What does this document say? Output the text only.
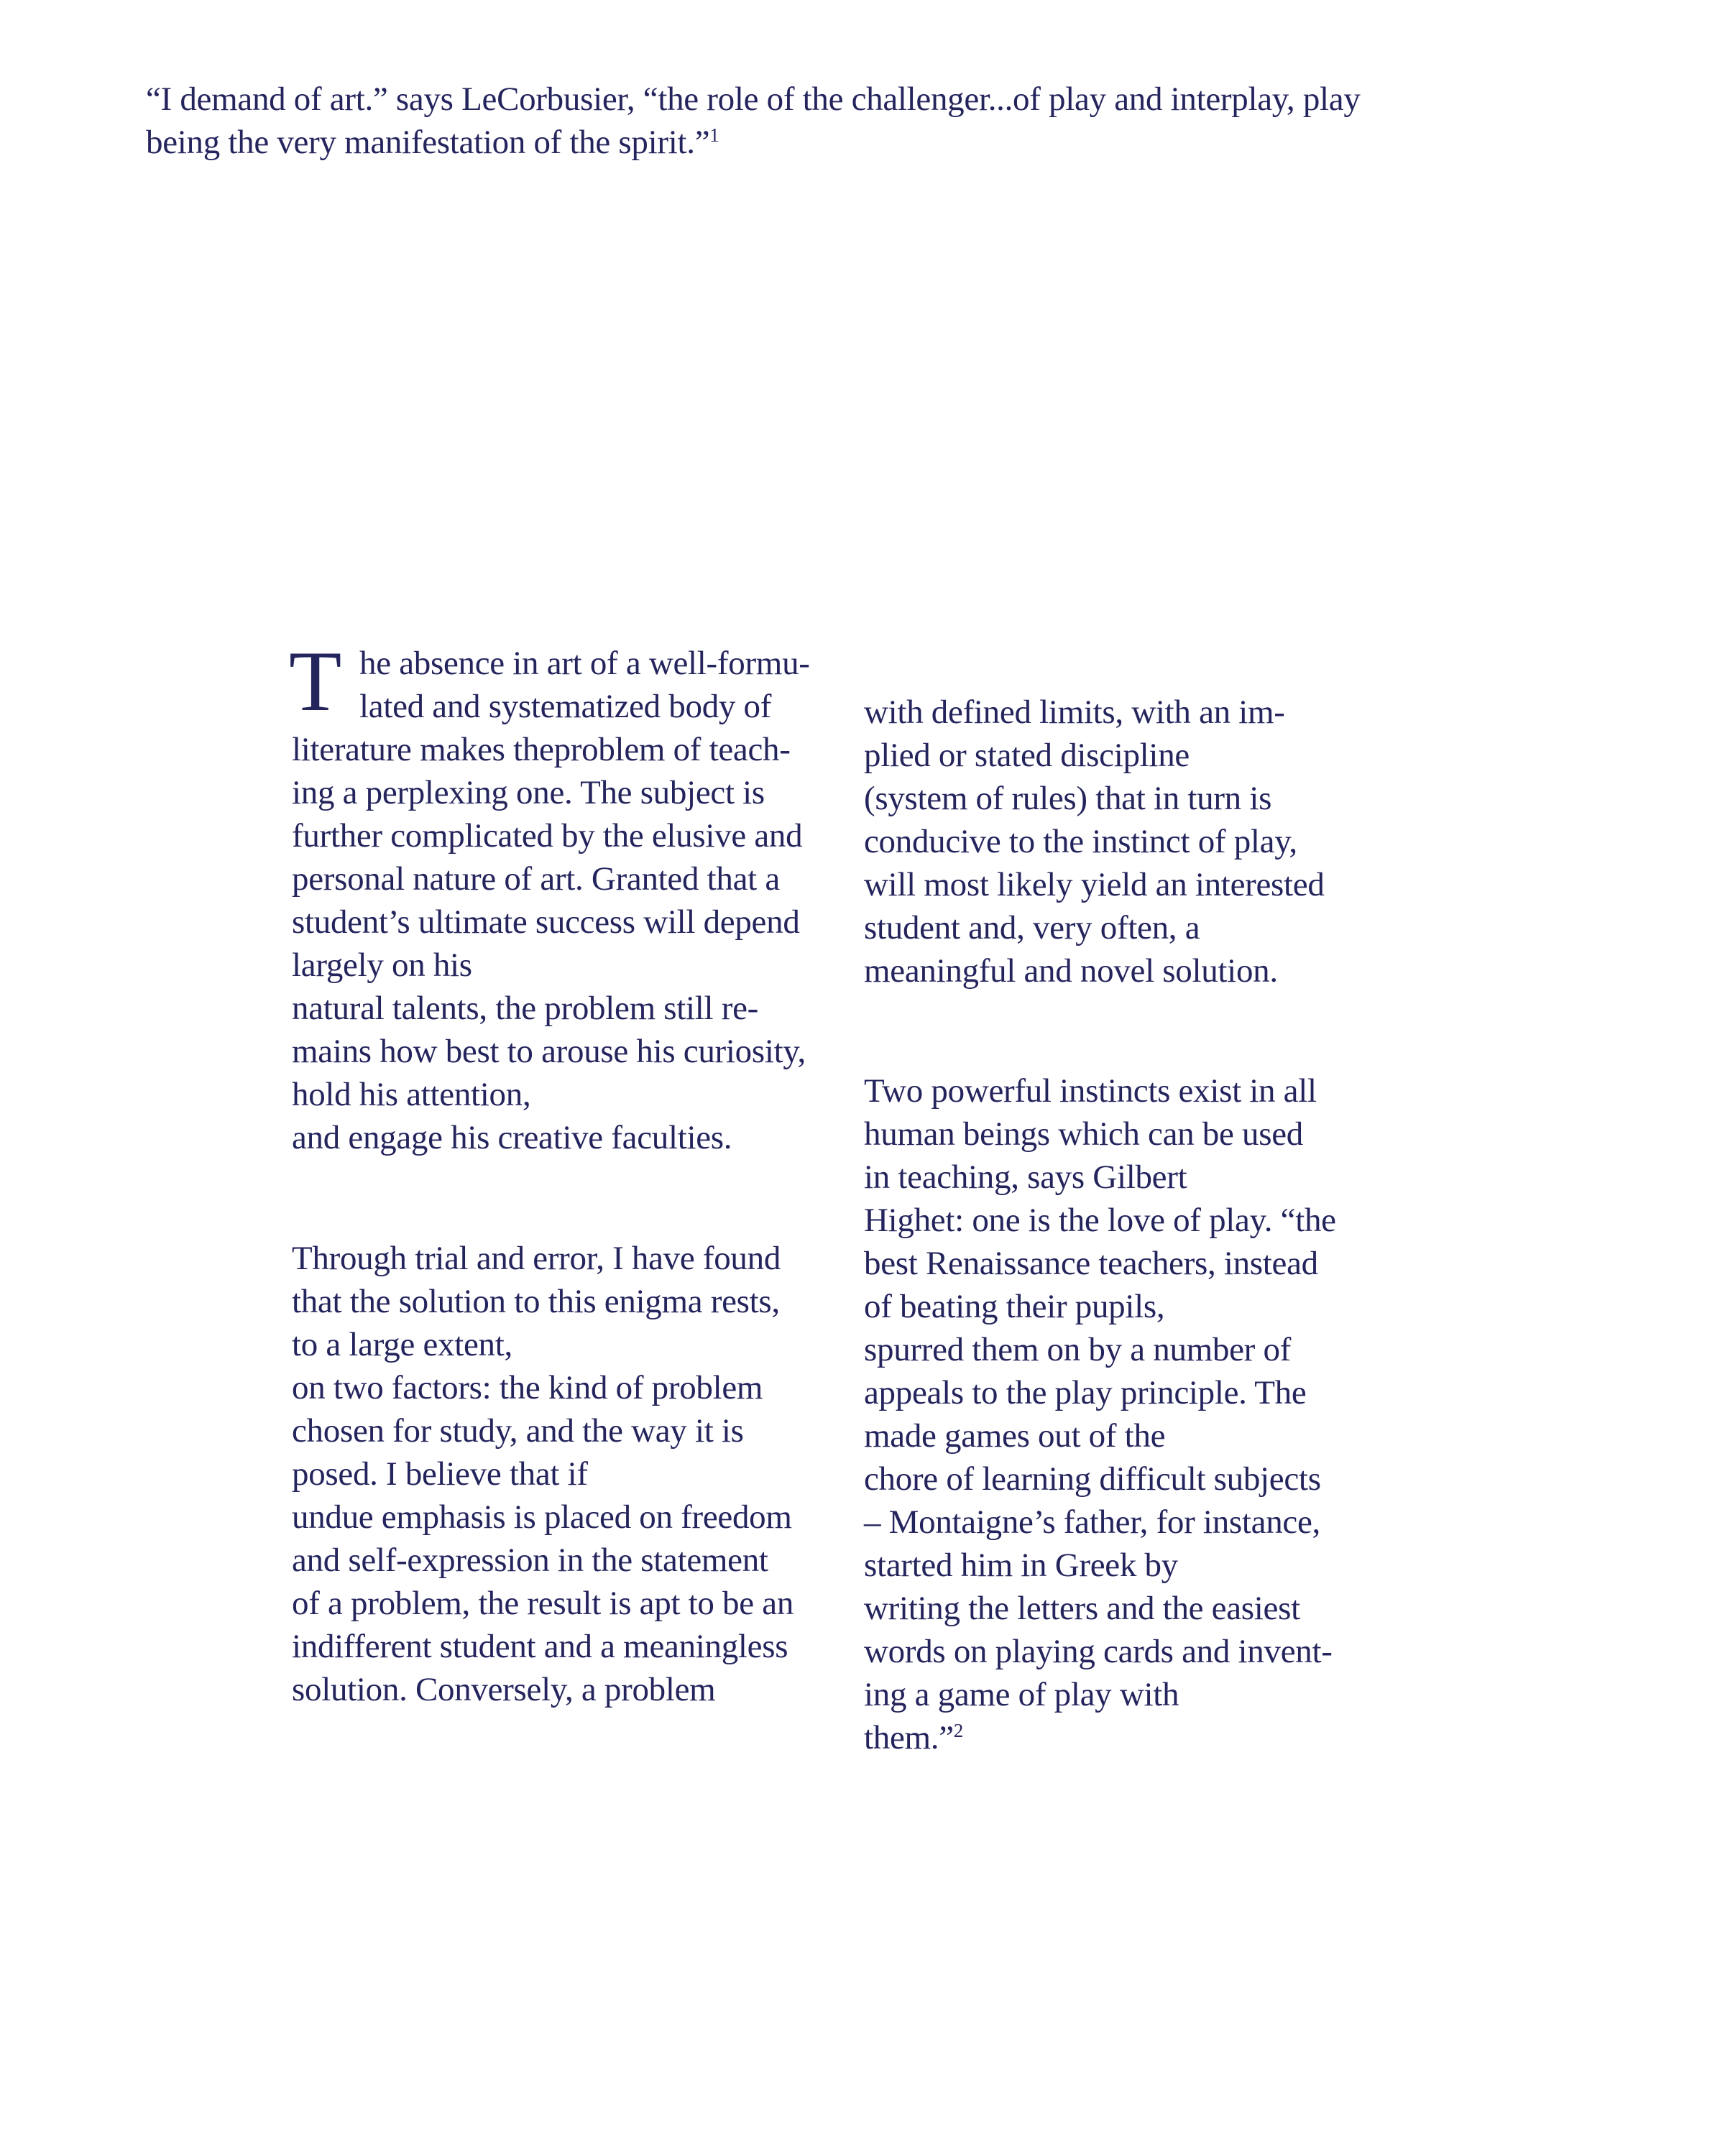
“I demand of art.” says LeCorbusier, “the role of the challenger...of play and interplay, play
being the very manifestation of the spirit.”$^1$
T he absence in art of a well-formu-
lated and systematized body of
literature makes theproblem of teach-
ing a perplexing one. The subject is
further complicated by the elusive and
personal nature of art. Granted that a
student’s ultimate success will depend
largely on his
natural talents, the problem still re-
mains how best to arouse his curiosity,
hold his attention,
and engage his creative faculties.
Through trial and error, I have found
that the solution to this enigma rests,
to a large extent,
on two factors: the kind of problem
chosen for study, and the way it is
posed. I believe that if
undue emphasis is placed on freedom
and self-expression in the statement
of a problem, the result is apt to be an
indifferent student and a meaningless
solution. Conversely, a problem
with defined limits, with an im-
plied or stated discipline
(system of rules) that in turn is
conducive to the instinct of play,
will most likely yield an interested
student and, very often, a
meaningful and novel solution.
Two powerful instincts exist in all
human beings which can be used
in teaching, says Gilbert
Highet: one is the love of play. “the
best Renaissance teachers, instead
of beating their pupils,
spurred them on by a number of
appeals to the play principle. The
made games out of the
chore of learning difficult subjects
– Montaigne’s father, for instance,
started him in Greek by
writing the letters and the easiest
words on playing cards and invent-
ing a game of play with
them.”$^2$
